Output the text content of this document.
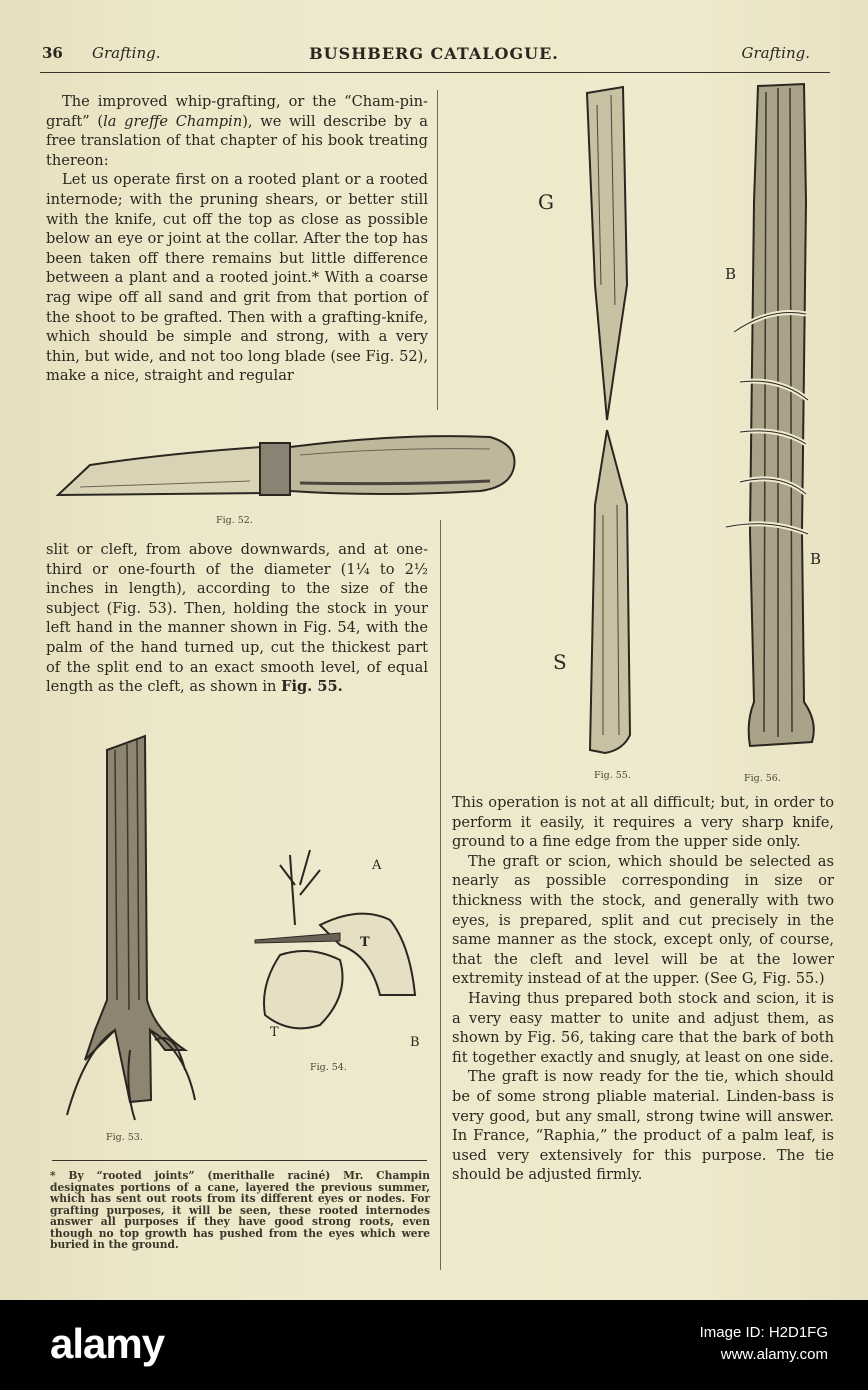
36 Grafting.	BUSHBERG CATALOGUE.	Grafting.

The improved whip-grafting, or the “Cham-pin-graft” (la greffe Champin), we will describe by a free translation of that chapter of his book treating thereon:

Let us operate first on a rooted plant or a rooted internode; with the pruning shears, or better still with the knife, cut off the top as close as possible below an eye or joint at the collar. After the top has been taken off there remains but little difference between a plant and a rooted joint.* With a coarse rag wipe off all sand and grit from that portion of the shoot to be grafted. Then with a grafting-knife, which should be simple and strong, with a very thin, but wide, and not too long blade (see Fig. 52), make a nice, straight and regular

Fig. 52.

slit or cleft, from above downwards, and at one-third or one-fourth of the diameter (1¼ to 2½ inches in length), according to the size of the subject (Fig. 53). Then, holding the stock in your left hand in the manner shown in Fig. 54, with the palm of the hand turned up, cut the thickest part of the split end to an exact smooth level, of equal length as the cleft, as shown in Fig. 55.

Fig. 53.
A
T
T
B
Fig. 54.
* By “rooted joints” (merithalle raciné) Mr. Champin designates portions of a cane, layered the previous summer, which has sent out roots from its different eyes or nodes. For grafting purposes, it will be seen, these rooted internodes answer all purposes if they have good strong roots, even though no top growth has pushed from the eyes which were buried in the ground.
G
S
Fig. 55.
B
B
Fig. 56.

This operation is not at all difficult; but, in order to perform it easily, it requires a very sharp knife, ground to a fine edge from the upper side only.

The graft or scion, which should be selected as nearly as possible corresponding in size or thickness with the stock, and generally with two eyes, is prepared, split and cut precisely in the same manner as the stock, except only, of course, that the cleft and level will be at the lower extremity instead of at the upper. (See G, Fig. 55.)

Having thus prepared both stock and scion, it is a very easy matter to unite and adjust them, as shown by Fig. 56, taking care that the bark of both fit together exactly and snugly, at least on one side.

The graft is now ready for the tie, which should be of some strong pliable material. Linden-bass is very good, but any small, strong twine will answer. In France, “Raphia,” the product of a palm leaf, is used very extensively for this purpose. The tie should be adjusted firmly.

alamy	Image ID: H2D1FG
www.alamy.com
